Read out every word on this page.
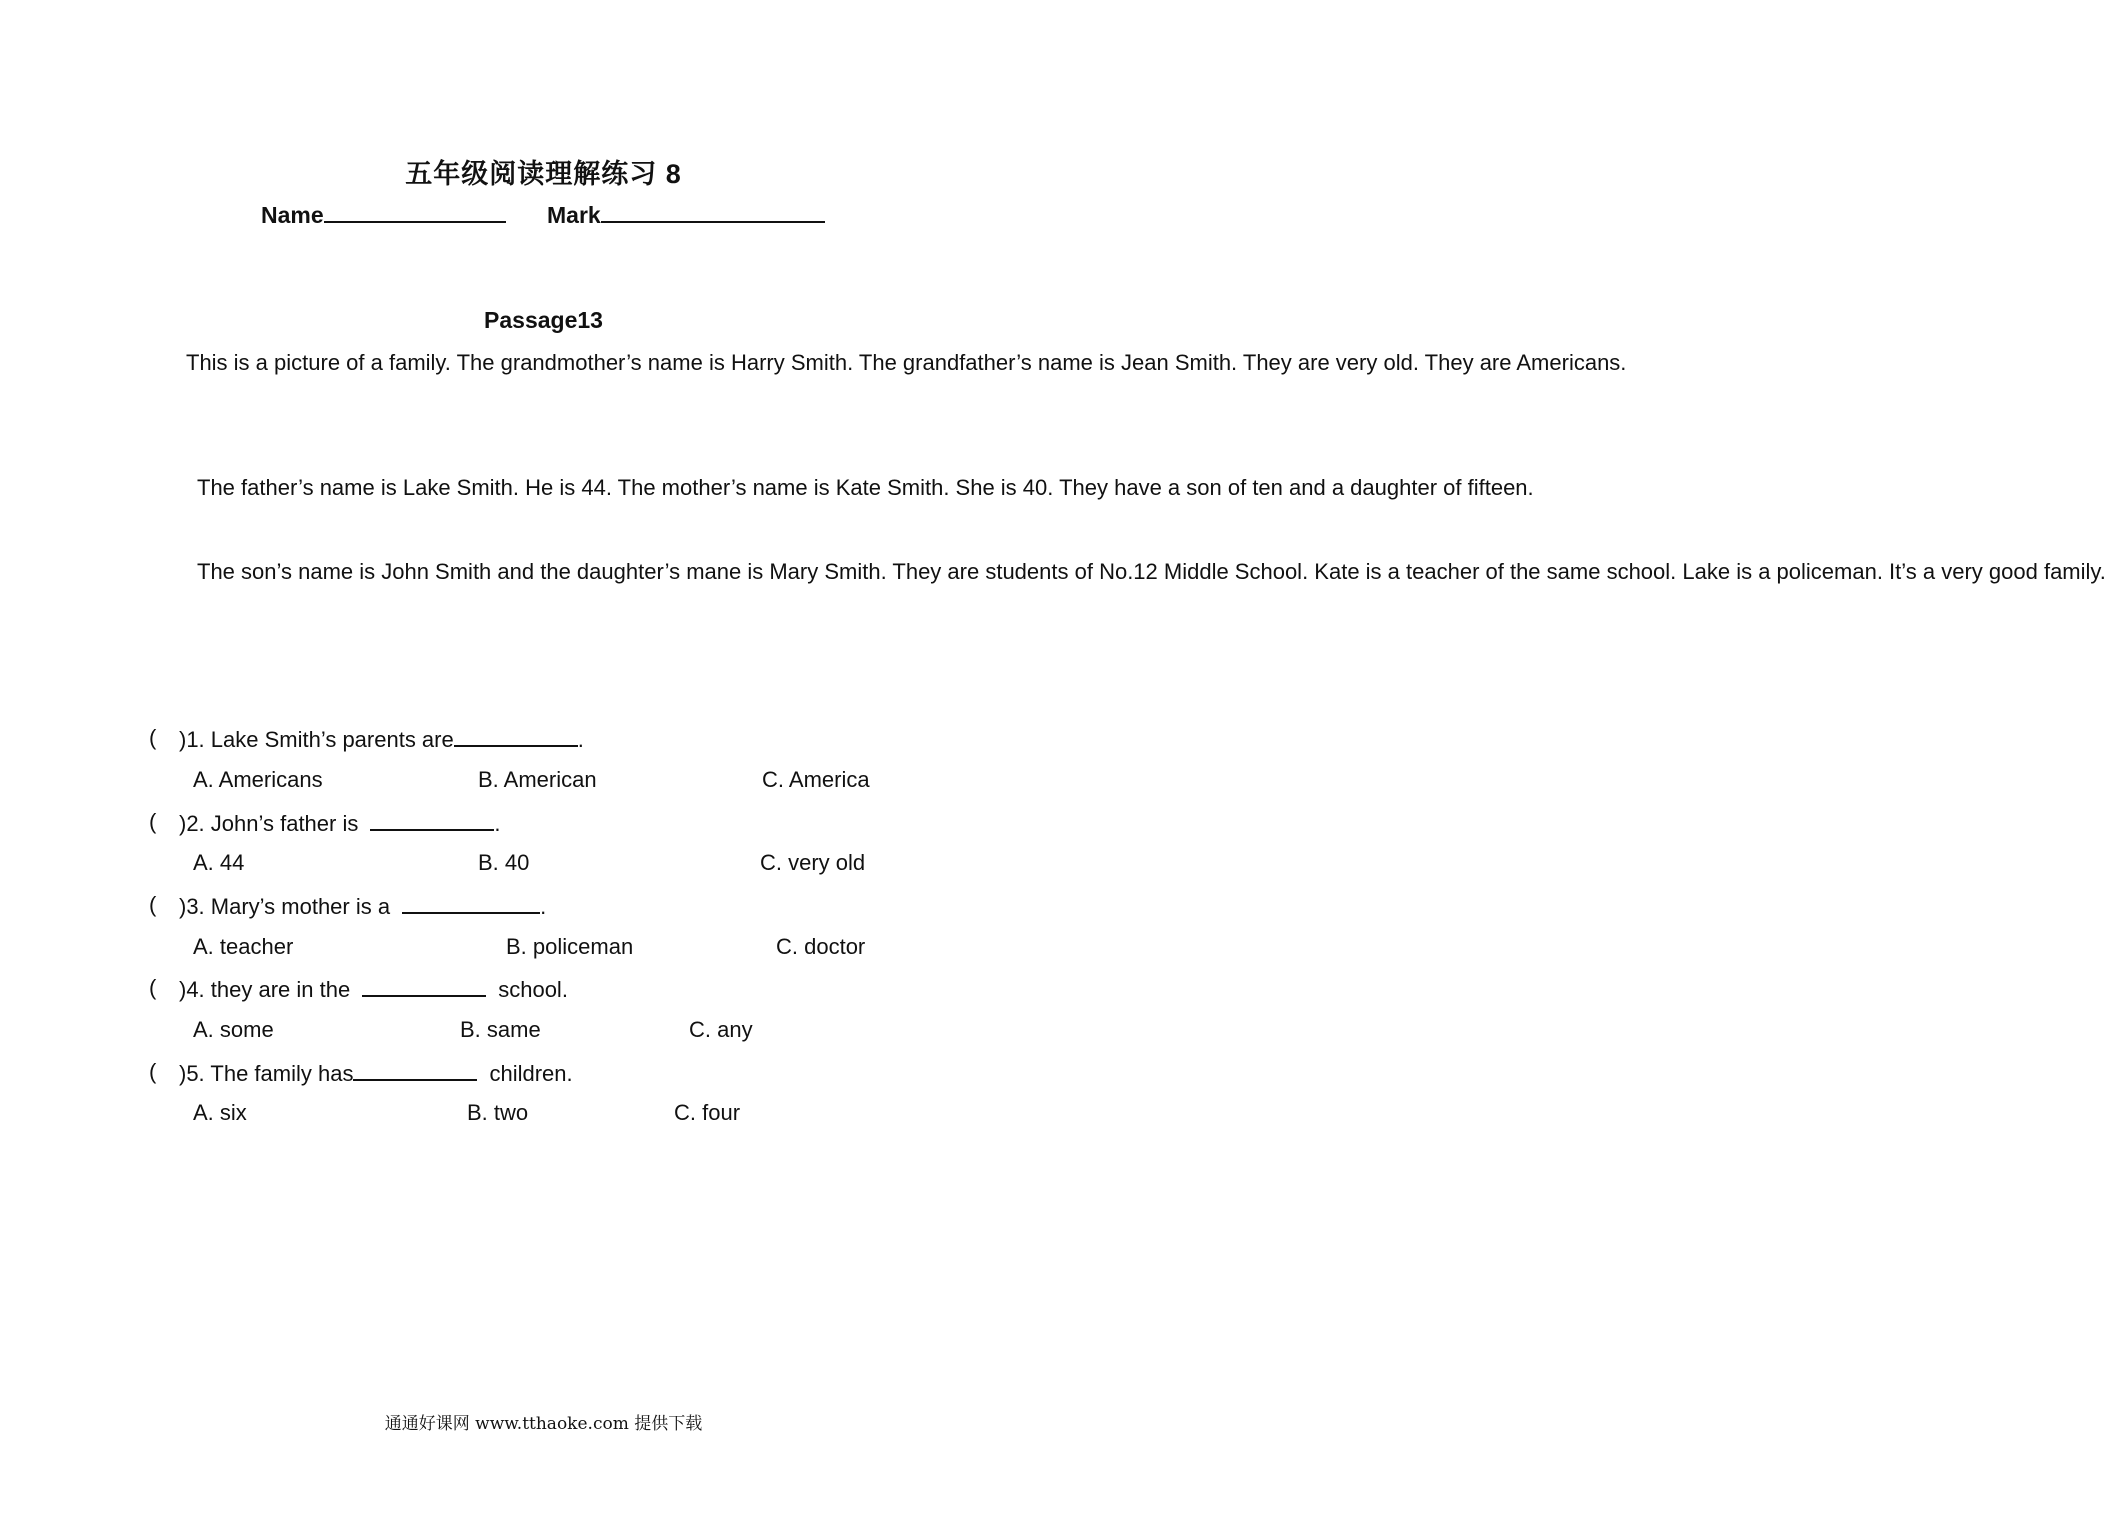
五年级阅读理解练习 8
Name	Mark
Passage13
This is a picture of a family. The grandmother’s name is Harry Smith. The grandfather’s name is Jean Smith. They are very old. They are Americans.
The father’s name is Lake Smith. He is 44. The mother’s name is Kate Smith. She is 40. They have a son of ten and a daughter of fifteen.
The son’s name is John Smith and the daughter’s mane is Mary Smith. They are students of No.12 Middle School. Kate is a teacher of the same school. Lake is a policeman. It’s a very good family.
( )1. Lake Smith’s parents are	.
A. Americans	B. American	C. America
( )2. John’s father is	.
A. 44	B. 40	C. very old
( )3. Mary’s mother is a	.
A. teacher	B. policeman	C. doctor
( )4. they are in the	school.
A. some	B. same	C. any
( )5. The family has	children.
A. six	B. two	C. four
通通好课网 www.tthaoke.com 提供下载
